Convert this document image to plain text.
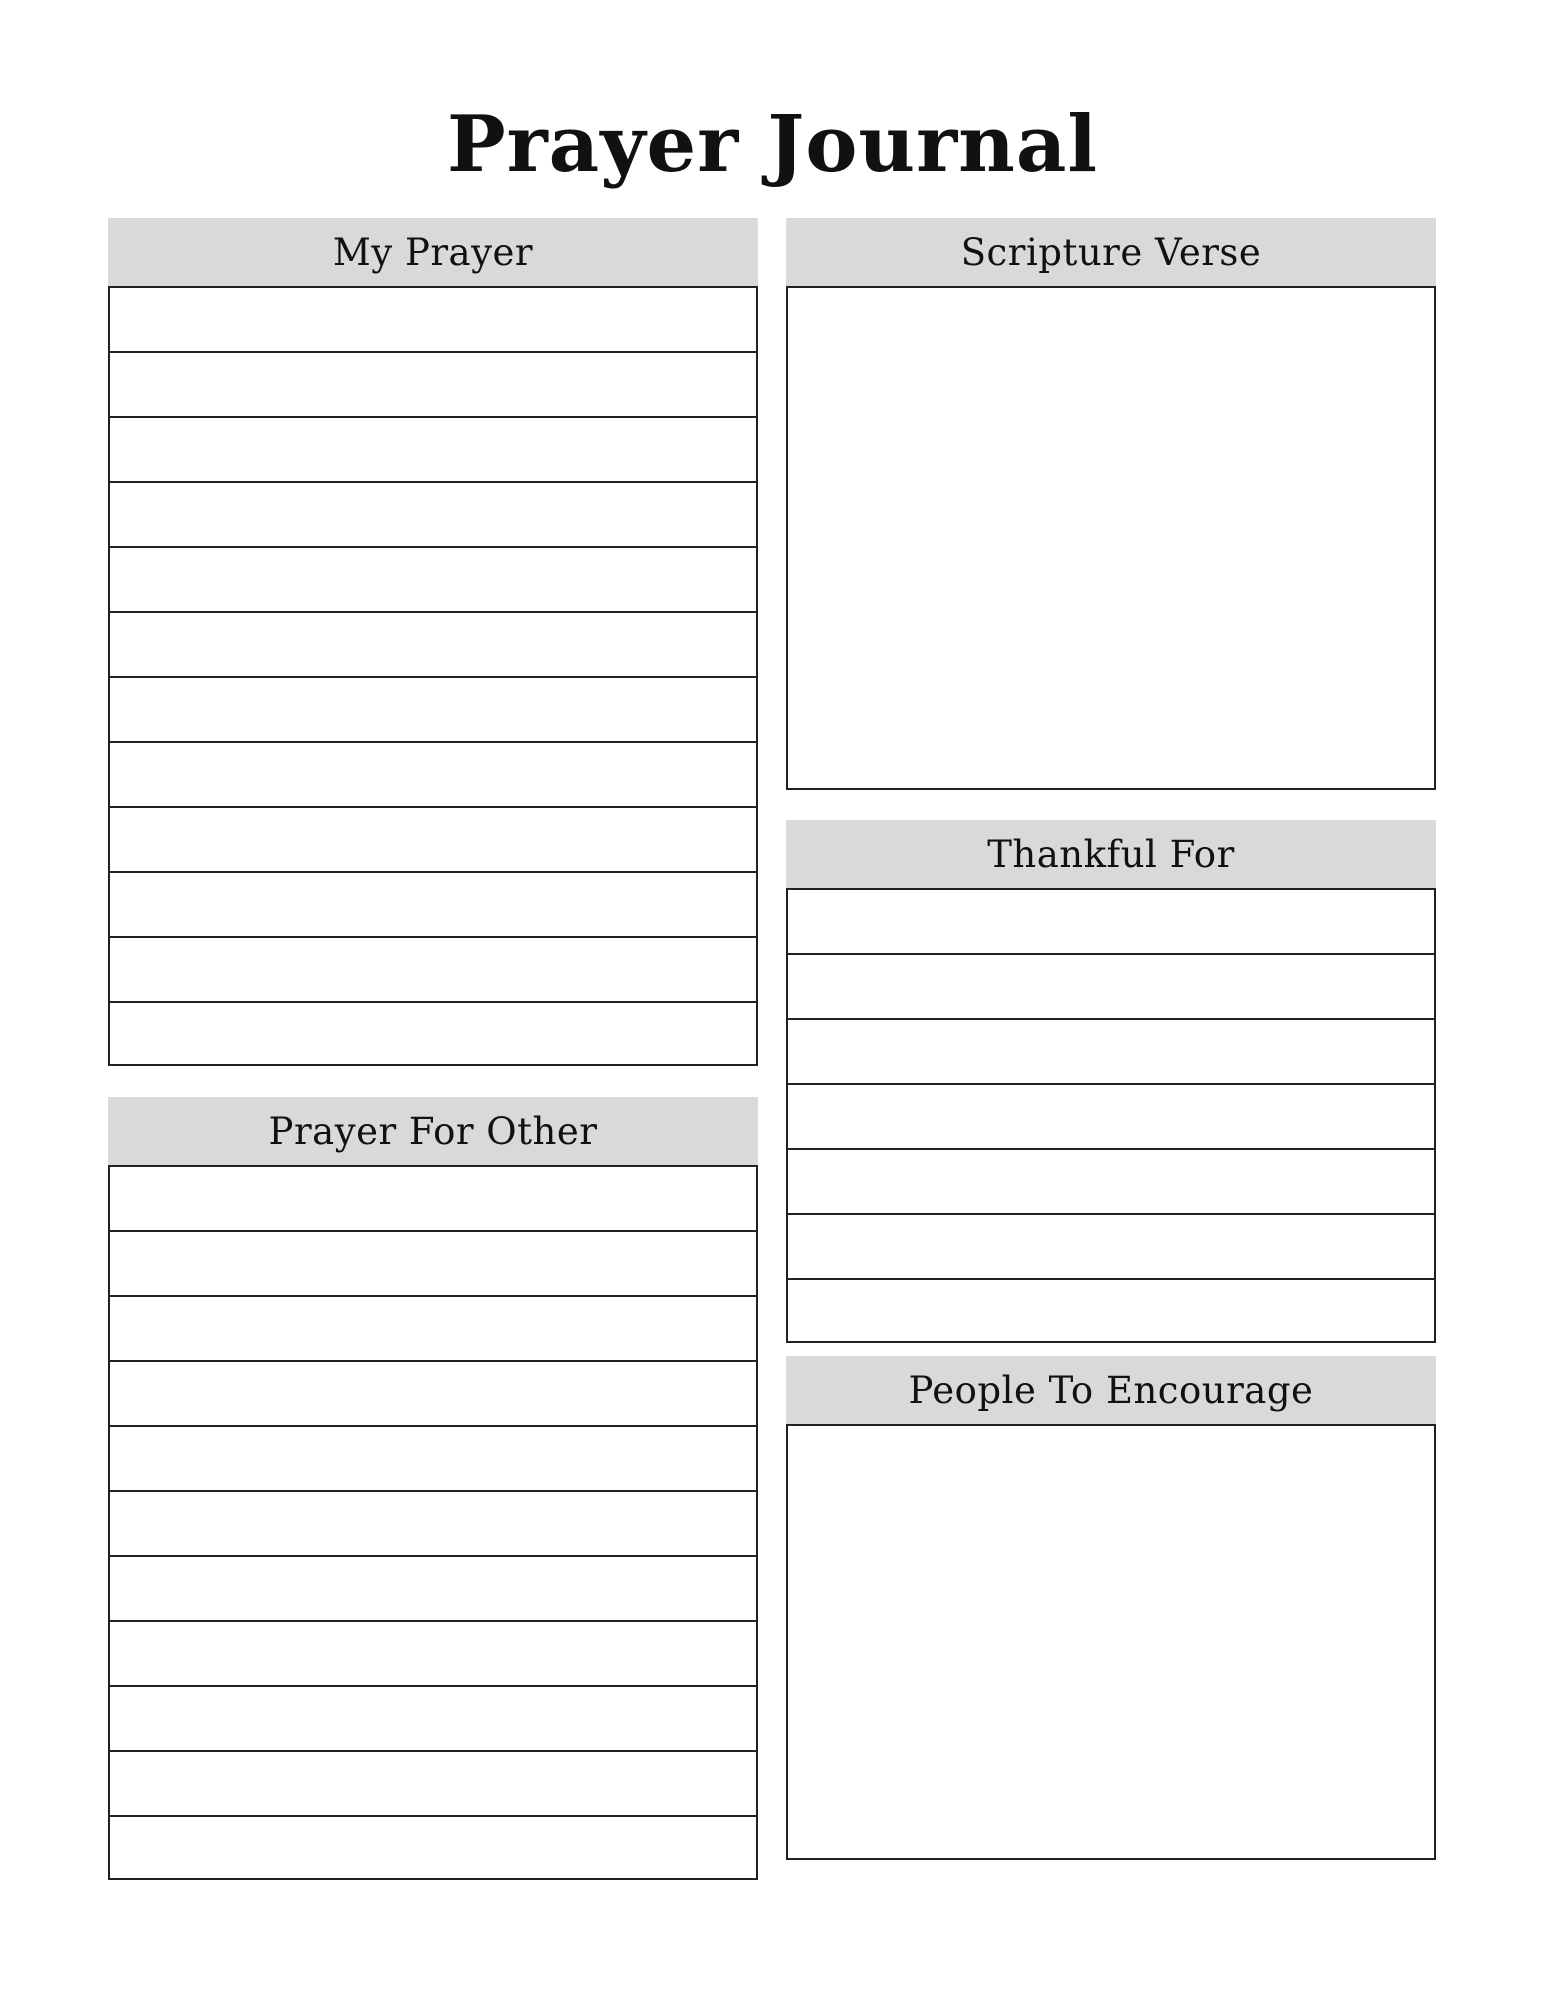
Prayer Journal
My Prayer
Prayer For Other
Scripture Verse
Thankful For
People To Encourage
